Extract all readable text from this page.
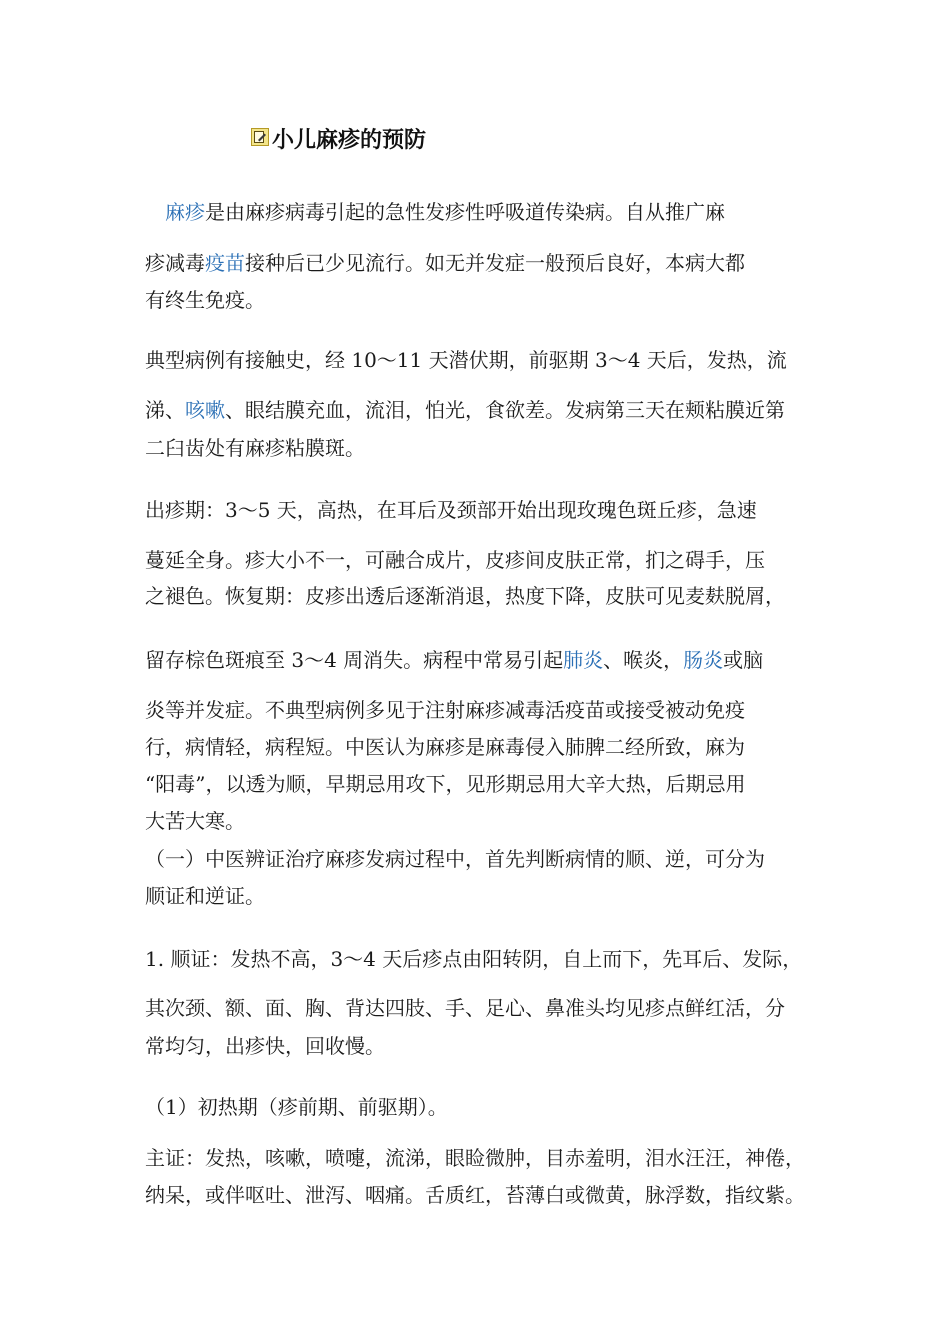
小儿麻疹的预防
　麻疹是由麻疹病毒引起的急性发疹性呼吸道传染病。自从推广麻
疹减毒疫苗接种后已少见流行。如无并发症一般预后良好，本病大都
有终生免疫。
典型病例有接触史，经 10～11 天潜伏期，前驱期 3～4 天后，发热，流
涕、咳嗽、眼结膜充血，流泪，怕光，食欲差。发病第三天在颊粘膜近第
二臼齿处有麻疹粘膜斑。
出疹期：3～5 天，高热，在耳后及颈部开始出现玫瑰色斑丘疹，急速
蔓延全身。疹大小不一，可融合成片，皮疹间皮肤正常，扪之碍手，压
之褪色。恢复期：皮疹出透后逐渐消退，热度下降，皮肤可见麦麸脱屑，
留存棕色斑痕至 3～4 周消失。病程中常易引起肺炎、喉炎，肠炎或脑
炎等并发症。不典型病例多见于注射麻疹减毒活疫苗或接受被动免疫
行，病情轻，病程短。中医认为麻疹是麻毒侵入肺脾二经所致，麻为
“阳毒”，以透为顺，早期忌用攻下，见形期忌用大辛大热，后期忌用
大苦大寒。
（一）中医辨证治疗麻疹发病过程中，首先判断病情的顺、逆，可分为
顺证和逆证。
1. 顺证：发热不高，3～4 天后疹点由阳转阴，自上而下，先耳后、发际，
其次颈、额、面、胸、背达四肢、手、足心、鼻准头均见疹点鲜红活，分
常均匀，出疹快，回收慢。
（1）初热期（疹前期、前驱期）。
主证：发热，咳嗽，喷嚏，流涕，眼睑微肿，目赤羞明，泪水汪汪，神倦，
纳呆，或伴呕吐、泄泻、咽痛。舌质红，苔薄白或微黄，脉浮数，指纹紫。
